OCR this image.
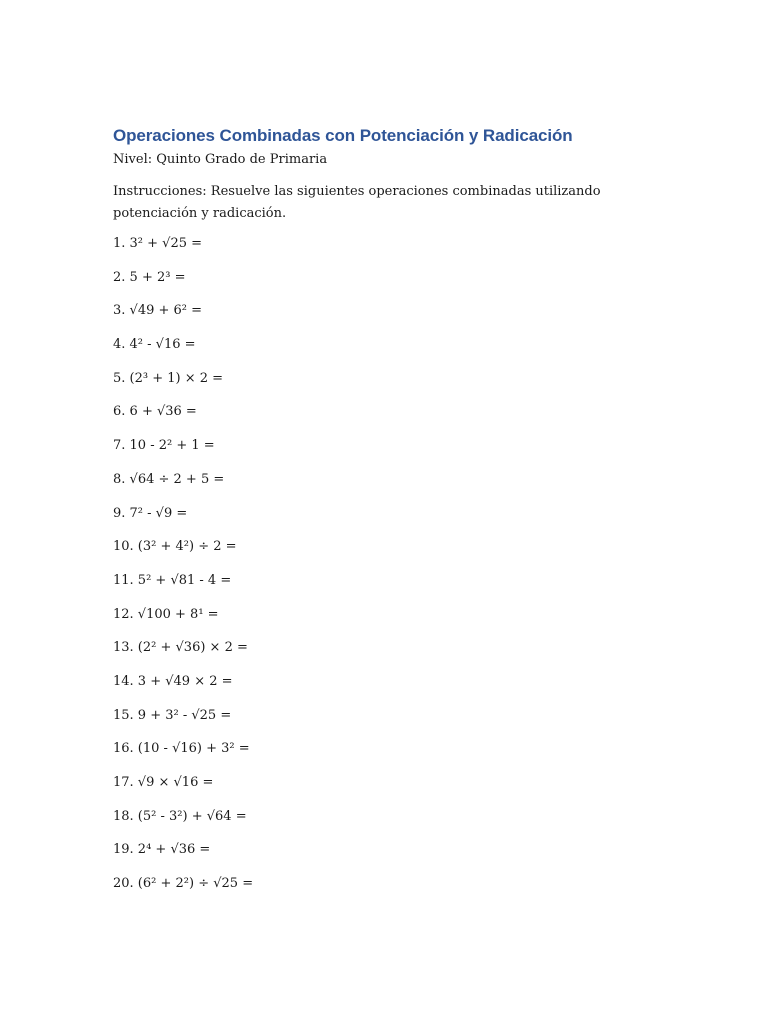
Operaciones Combinadas con Potenciación y Radicación

Nivel: Quinto Grado de Primaria

Instrucciones: Resuelve las siguientes operaciones combinadas utilizando potenciación y radicación.

1. 3² + √25 =
2. 5 + 2³ =
3. √49 + 6² =
4. 4² - √16 =
5. (2³ + 1) × 2 =
6. 6 + √36 =
7. 10 - 2² + 1 =
8. √64 ÷ 2 + 5 =
9. 7² - √9 =
10. (3² + 4²) ÷ 2 =
11. 5² + √81 - 4 =
12. √100 + 8¹ =
13. (2² + √36) × 2 =
14. 3 + √49 × 2 =
15. 9 + 3² - √25 =
16. (10 - √16) + 3² =
17. √9 × √16 =
18. (5² - 3²) + √64 =
19. 2⁴ + √36 =
20. (6² + 2²) ÷ √25 =
